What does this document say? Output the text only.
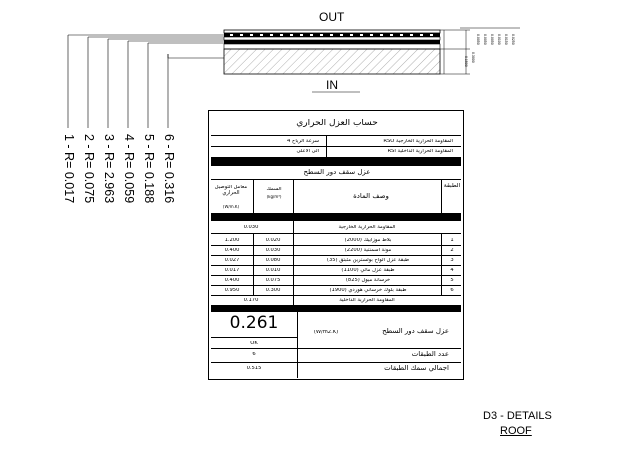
OUT
IN
0.0050 0.0050 0.0050 0.0100 0.0150 0.0250
0.3000
0.1500
6 - R= 0.316
5 - R= 0.188
4 - R= 0.059
3 - R= 2.963
2 - R= 0.075
1 - R= 0.017
حساب العزل الحراري
المقاومة الحرارية الخارجية RSO
سرعة الرياح 4
المقاومة الحرارية الداخلية RSI
الى الاعلى
عزل سقف دور السطح
الطبقة
وصف المادة
السمك
(kg/m³)
معامل التوصيل الحراري
(W/m.K)
المقاومة الحرارية الخارجية
0.030
1
بلاط موزاييك (2000)
0.020
1.200
2
مونة اسمنتية (2200)
0.030
0.400
3
طبقة عزل الواح بولسترين مثبتق (35)
0.080
0.027
4
طبقة عزل مائي (1100)
0.010
0.017
5
خرسانة ميول (825)
0.075
0.400
6
طبقة بلوك خرساني هوردي (1900)
0.300
0.950
المقاومة الحرارية الداخلية
0.170
0.261
OK
عزل سقف دور السطح
(W/m2.K)
6	عدد الطبقات
0.515	اجمالي سمك الطبقات
D3 - DETAILS
ROOF
